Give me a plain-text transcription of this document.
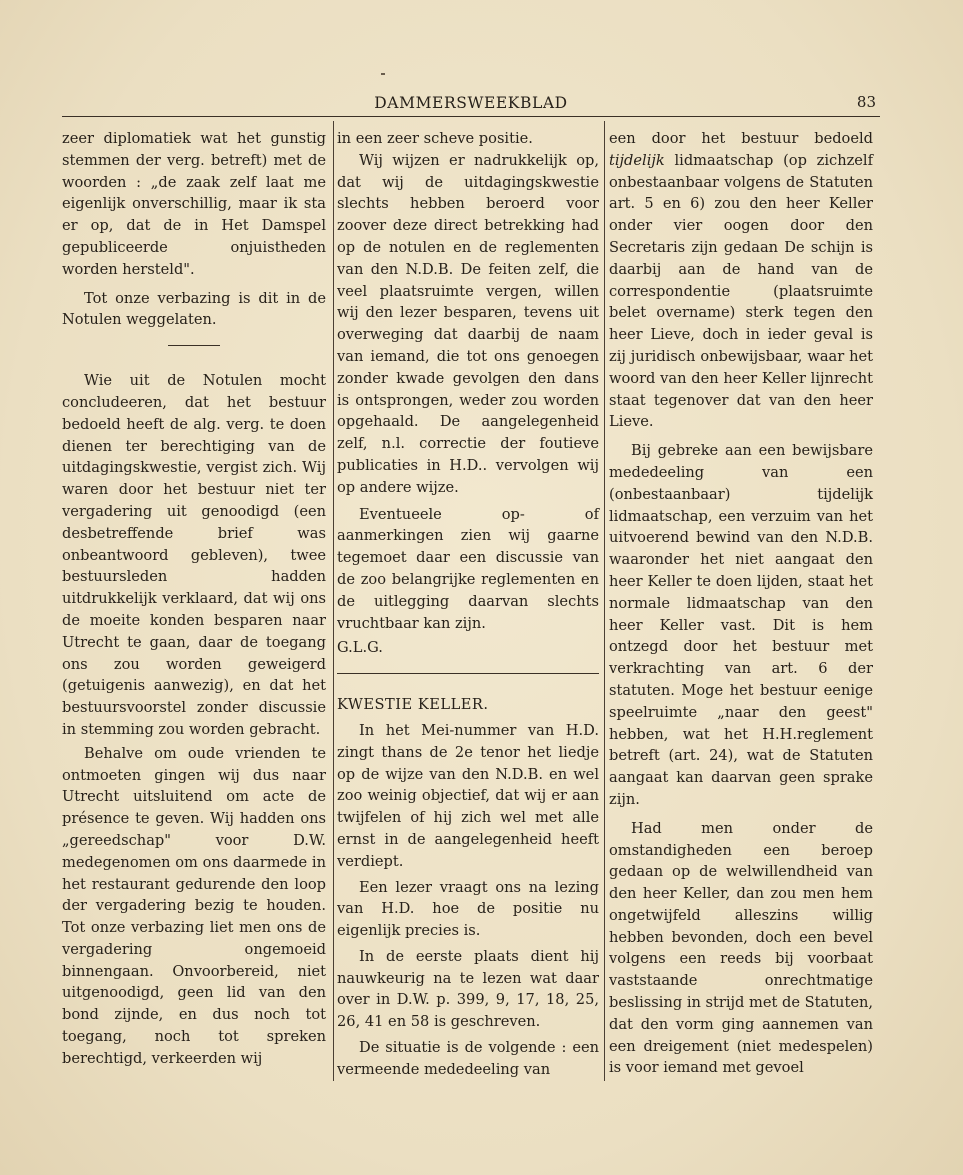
DAMMERSWEEKBLAD	83

zeer diplomatiek wat het gunstig stemmen der verg. betreft) met de woorden : „de zaak zelf laat me eigenlijk onverschillig, maar ik sta er op, dat de in Het Damspel gepubliceerde onjuistheden worden hersteld".

Tot onze verbazing is dit in de Notulen weggelaten.

Wie uit de Notulen mocht concludeeren, dat het bestuur bedoeld heeft de alg. verg. te doen dienen ter berechtiging van de uitdagingskwestie, vergist zich. Wij waren door het bestuur niet ter vergadering uit genoodigd (een desbetreffende brief was onbeantwoord gebleven), twee bestuursleden hadden uitdrukkelijk verklaard, dat wij ons de moeite konden besparen naar Utrecht te gaan, daar de toegang ons zou worden geweigerd (getuigenis aanwezig), en dat het bestuursvoorstel zonder discussie in stemming zou worden gebracht.

Behalve om oude vrienden te ontmoeten gingen wij dus naar Utrecht uitsluitend om acte de présence te geven. Wij hadden ons „gereedschap" voor D.W. medegenomen om ons daarmede in het restaurant gedurende den loop der vergadering bezig te houden. Tot onze verbazing liet men ons de vergadering ongemoeid binnengaan. Onvoorbereid, niet uitgenoodigd, geen lid van den bond zijnde, en dus noch tot toegang, noch tot spreken berechtigd, verkeerden wij

in een zeer scheve positie.

Wij wijzen er nadrukkelijk op, dat wij de uitdagingskwestie slechts hebben beroerd voor zoover deze direct betrekking had op de notulen en de reglementen van den N.D.B. De feiten zelf, die veel plaatsruimte vergen, willen wij den lezer besparen, tevens uit overweging dat daarbij de naam van iemand, die tot ons genoegen zonder kwade gevolgen den dans is ontsprongen, weder zou worden opgehaald. De aangelegenheid zelf, n.l. correctie der foutieve publicaties in H.D.. vervolgen wij op andere wijze.

Eventueele op- of aanmerkingen zien wij gaarne tegemoet daar een discussie van de zoo belangrijke reglementen en de uitlegging daarvan slechts vruchtbaar kan zijn.

G.L.G.

KWESTIE KELLER.

In het Mei-nummer van H.D. zingt thans de 2e tenor het liedje op de wijze van den N.D.B. en wel zoo weinig objectief, dat wij er aan twijfelen of hij zich wel met alle ernst in de aangelegenheid heeft verdiept.

Een lezer vraagt ons na lezing van H.D. hoe de positie nu eigenlijk precies is.

In de eerste plaats dient hij nauwkeurig na te lezen wat daar over in D.W. p. 399, 9, 17, 18, 25, 26, 41 en 58 is geschreven.

De situatie is de volgende : een vermeende mededeeling van

een door het bestuur bedoeld tijdelijk lidmaatschap (op zichzelf onbestaanbaar volgens de Statuten art. 5 en 6) zou den heer Keller onder vier oogen door den Secretaris zijn gedaan De schijn is daarbij aan de hand van de correspondentie (plaatsruimte belet overname) sterk tegen den heer Lieve, doch in ieder geval is zij juridisch onbewijsbaar, waar het woord van den heer Keller lijnrecht staat tegenover dat van den heer Lieve.

Bij gebreke aan een bewijsbare mededeeling van een (onbestaanbaar) tijdelijk lidmaatschap, een verzuim van het uitvoerend bewind van den N.D.B. waaronder het niet aangaat den heer Keller te doen lijden, staat het normale lidmaatschap van den heer Keller vast. Dit is hem ontzegd door het bestuur met verkrachting van art. 6 der statuten. Moge het bestuur eenige speelruimte „naar den geest" hebben, wat het H.H.reglement betreft (art. 24), wat de Statuten aangaat kan daarvan geen sprake zijn.

Had men onder de omstandigheden een beroep gedaan op de welwillendheid van den heer Keller, dan zou men hem ongetwijfeld alleszins willig hebben bevonden, doch een bevel volgens een reeds bij voorbaat vaststaande onrechtmatige beslissing in strijd met de Statuten, dat den vorm ging aannemen van een dreigement (niet medespelen) is voor iemand met gevoel
